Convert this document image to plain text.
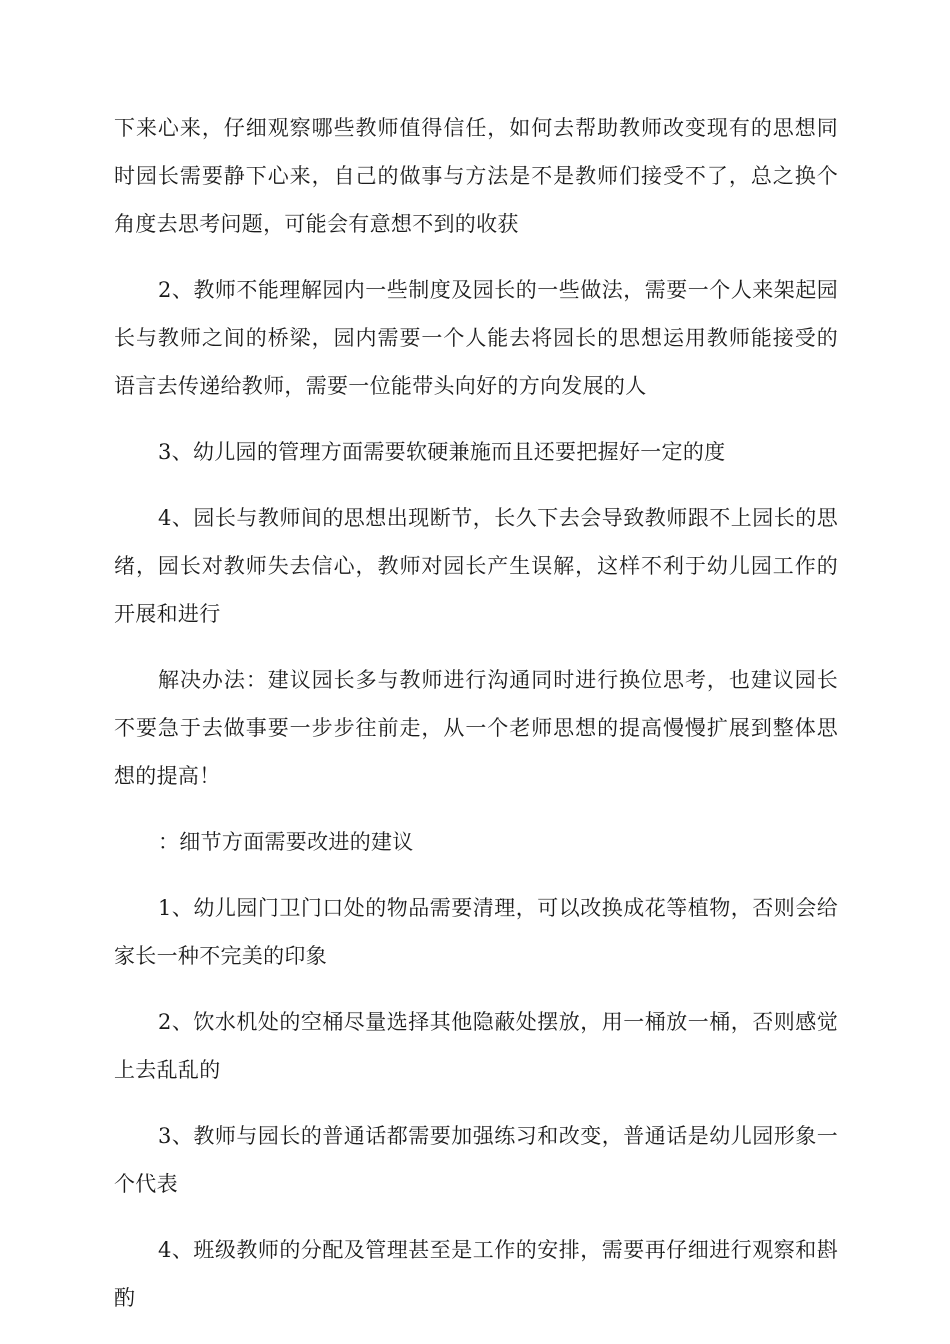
下来心来，仔细观察哪些教师值得信任，如何去帮助教师改变现有的思想同时园长需要静下心来，自己的做事与方法是不是教师们接受不了，总之换个角度去思考问题，可能会有意想不到的收获

2、教师不能理解园内一些制度及园长的一些做法，需要一个人来架起园长与教师之间的桥梁，园内需要一个人能去将园长的思想运用教师能接受的语言去传递给教师，需要一位能带头向好的方向发展的人

3、幼儿园的管理方面需要软硬兼施而且还要把握好一定的度

4、园长与教师间的思想出现断节，长久下去会导致教师跟不上园长的思绪，园长对教师失去信心，教师对园长产生误解，这样不利于幼儿园工作的开展和进行

解决办法：建议园长多与教师进行沟通同时进行换位思考，也建议园长不要急于去做事要一步步往前走，从一个老师思想的提高慢慢扩展到整体思想的提高！

：细节方面需要改进的建议

1、幼儿园门卫门口处的物品需要清理，可以改换成花等植物，否则会给家长一种不完美的印象

2、饮水机处的空桶尽量选择其他隐蔽处摆放，用一桶放一桶，否则感觉上去乱乱的

3、教师与园长的普通话都需要加强练习和改变，普通话是幼儿园形象一个代表

4、班级教师的分配及管理甚至是工作的安排，需要再仔细进行观察和斟酌
